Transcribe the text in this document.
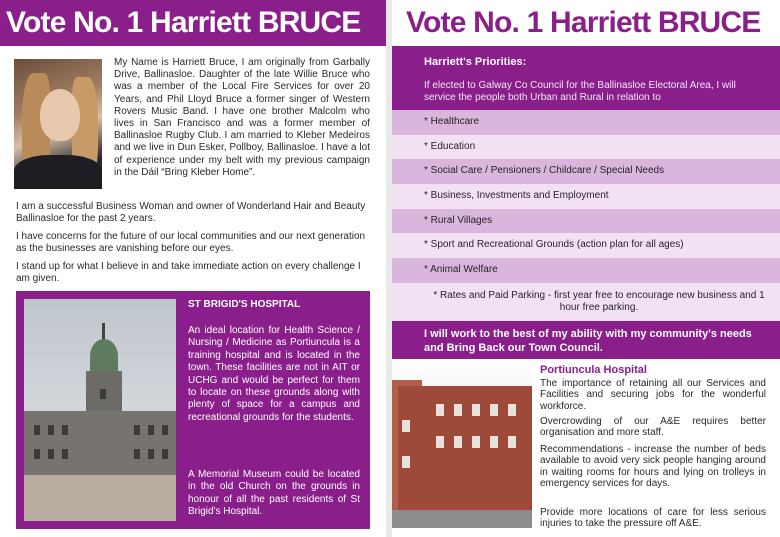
Vote No. 1 Harriett BRUCE

My Name is Harriett Bruce, I am originally from Garbally Drive, Ballinasloe. Daughter of the late Willie Bruce who was a member of the Local Fire Services for over 20 Years, and Phil Lloyd Bruce a former singer of Western Rovers Music Band. I have one brother Malcolm who lives in San Francisco and was a former member of Ballinasloe Rugby Club. I am married to Kleber Medeiros and we live in Dun Esker, Pollboy, Ballinasloe. I have a lot of experience under my belt with my previous campaign in the Dáil “Bring Kleber Home”.

I am a successful Business Woman and owner of Wonderland Hair and Beauty Ballinasloe for the past 2 years.

I have concerns for the future of our local communities and our next generation as the businesses are vanishing before our eyes.

I stand up for what I believe in and take immediate action on every challenge I am given.

ST BRIGID'S HOSPITAL

An ideal location for Health Science / Nursing / Medicine as Portiuncula is a training hospital and is located in the town. These facilities are not in AIT or UCHG and would be perfect for them to locate on these grounds along with plenty of space for a campus and recreational grounds for the students.

A Memorial Museum could be located in the old Church on the grounds in honour of all the past residents of St Brigid's Hospital.

Vote No. 1 Harriett BRUCE

Harriett's Priorities:

If elected to Galway Co Council for the Ballinasloe Electoral Area, I will service the people both Urban and Rural in relation to

* Healthcare
* Education
* Social Care / Pensioners / Childcare / Special Needs
* Business, Investments and Employment
* Rural Villages
* Sport and Recreational Grounds (action plan for all ages)
* Animal Welfare
* Rates and Paid Parking - first year free to encourage new business and 1 hour free parking.
I will work to the best of my ability with my community's needs and Bring Back our Town Council.

Portiuncula Hospital

The importance of retaining all our Services and Facilities and securing jobs for the wonderful workforce.

Overcrowding of our A&E requires better organisation and more staff.

Recommendations - increase the number of beds available to avoid very sick people hanging around in waiting rooms for hours and lying on trolleys in emergency services for days.

Provide more locations of care for less serious injuries to take the pressure off A&E.
